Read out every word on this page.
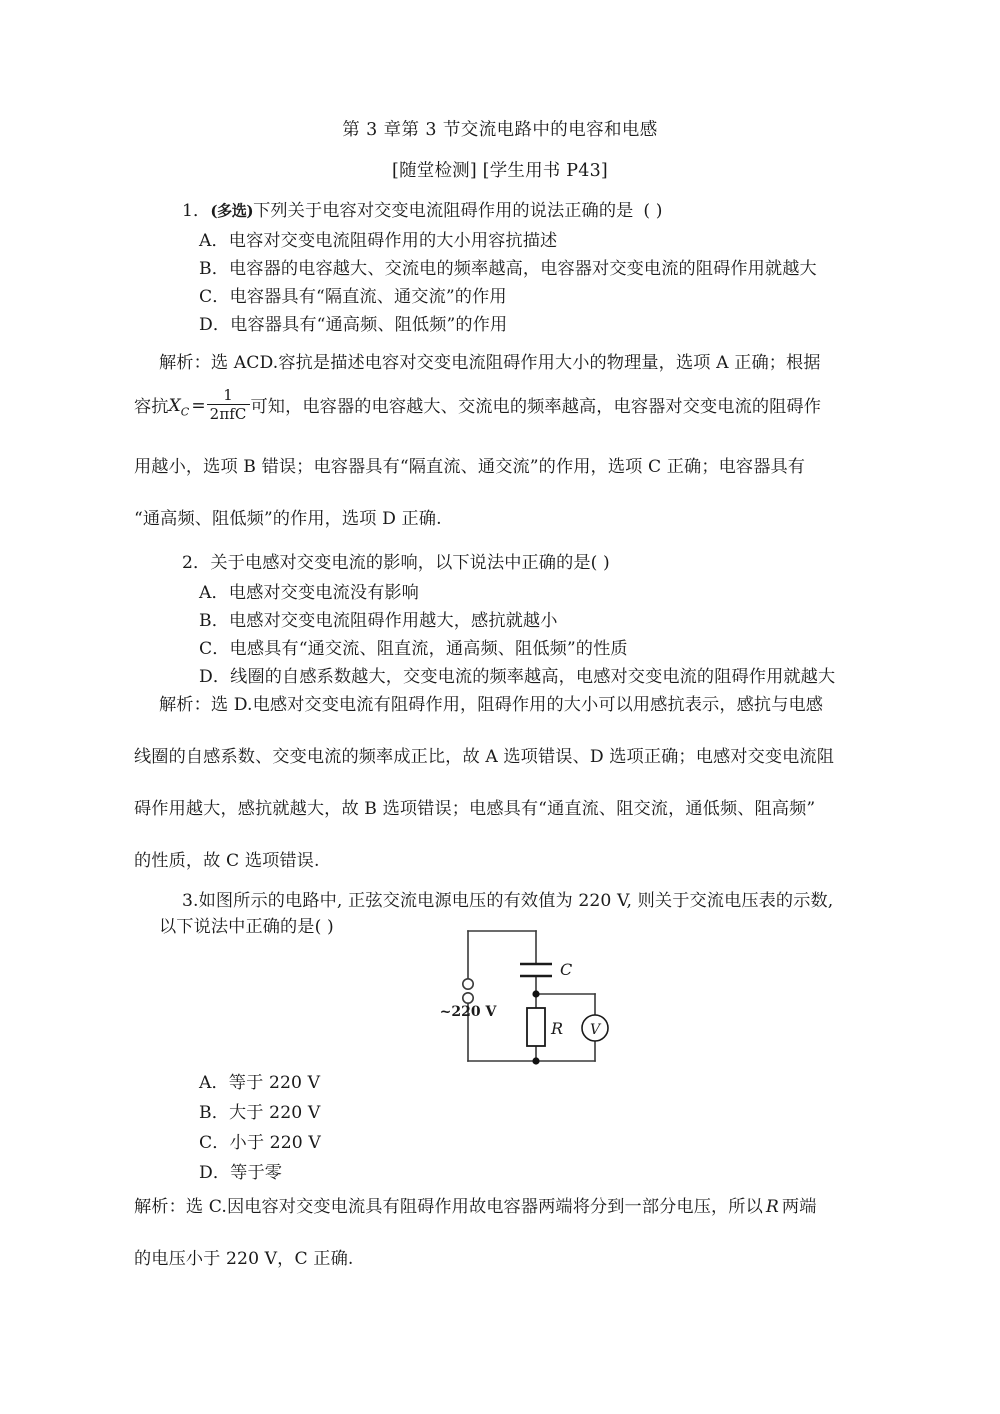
第 3 章第 3 节交流电路中的电容和电感
[随堂检测] [学生用书 P43]
1．(多选)下列关于电容对交变电流阻碍作用的说法正确的是 ( )
A．电容对交变电流阻碍作用的大小用容抗描述
B．电容器的电容越大、交流电的频率越高，电容器对交变电流的阻碍作用就越大
C．电容器具有“隔直流、通交流”的作用
D．电容器具有“通高频、阻低频”的作用
解析：选 ACD.容抗是描述电容对交变电流阻碍作用大小的物理量，选项 A 正确；根据
容抗$X_C = \frac{1}{\text{2πfC}}$ 可知，电容器的电容越大、交流电的频率越高，电容器对交变电流的阻碍作
用越小，选项 B 错误；电容器具有“隔直流、通交流”的作用，选项 C 正确；电容器具有
“通高频、阻低频”的作用，选项 D 正确.
2．关于电感对交变电流的影响，以下说法中正确的是( )
A．电感对交变电流没有影响
B．电感对交变电流阻碍作用越大，感抗就越小
C．电感具有“通交流、阻直流，通高频、阻低频”的性质
D．线圈的自感系数越大，交变电流的频率越高，电感对交变电流的阻碍作用就越大
解析：选 D.电感对交变电流有阻碍作用，阻碍作用的大小可以用感抗表示，感抗与电感
线圈的自感系数、交变电流的频率成正比，故 A 选项错误、D 选项正确；电感对交变电流阻
碍作用越大，感抗就越大，故 B 选项错误；电感具有“通直流、阻交流，通低频、阻高频”
的性质，故 C 选项错误.
3.如图所示的电路中, 正弦交流电源电压的有效值为 220 V, 则关于交流电压表的示数,
以下说法中正确的是( )
V
C
R
~220 V
A．等于 220 V
B．大于 220 V
C．小于 220 V
D．等于零
解析：选 C.因电容对交变电流具有阻碍作用故电容器两端将分到一部分电压，所以 R 两端
的电压小于 220 V，C 正确.
